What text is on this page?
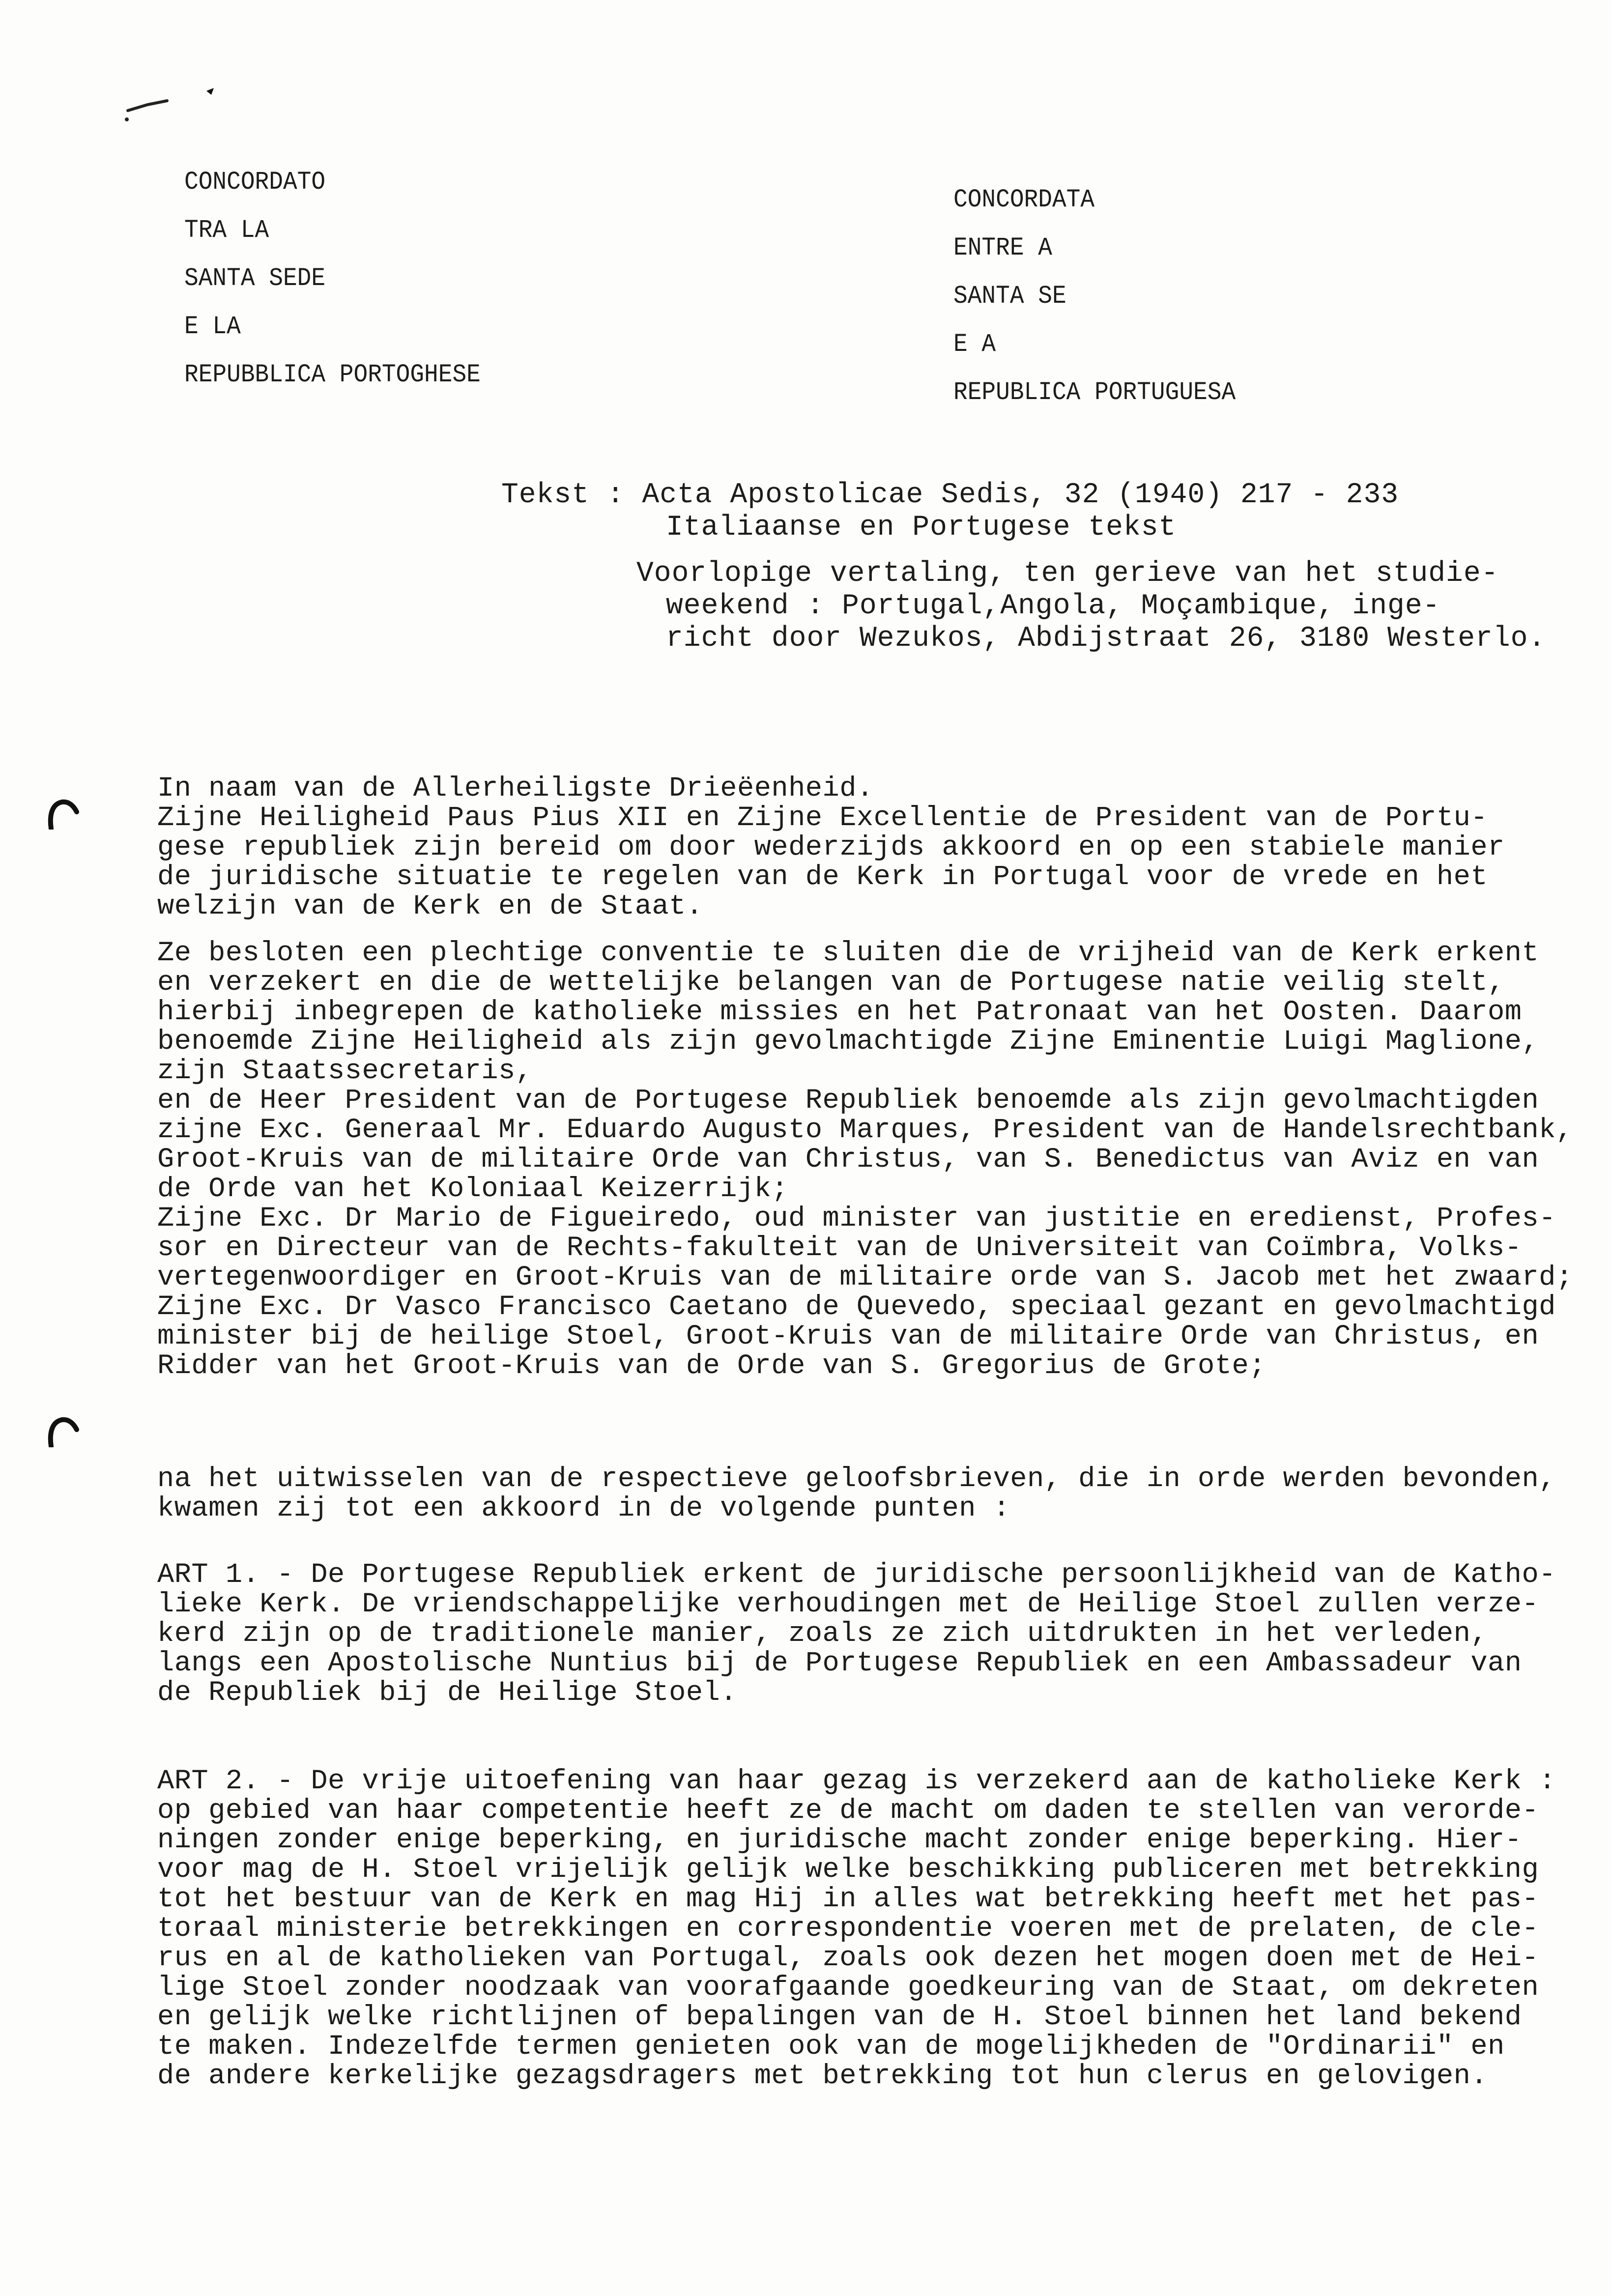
CONCORDATO
TRA LA
SANTA SEDE
E LA
REPUBBLICA PORTOGHESE
CONCORDATA
ENTRE A
SANTA SE
E A
REPUBLICA PORTUGUESA
Tekst : Acta Apostolicae Sedis, 32 (1940) 217 - 233
Italiaanse en Portugese tekst
Voorlopige vertaling, ten gerieve van het studie-
weekend : Portugal,Angola, Moçambique, inge-
richt door Wezukos, Abdijstraat 26, 3180 Westerlo.
In naam van de Allerheiligste Drieëenheid.
Zijne Heiligheid Paus Pius XII en Zijne Excellentie de President van de Portu-
gese republiek zijn bereid om door wederzijds akkoord en op een stabiele manier
de juridische situatie te regelen van de Kerk in Portugal voor de vrede en het
welzijn van de Kerk en de Staat.
Ze besloten een plechtige conventie te sluiten die de vrijheid van de Kerk erkent
en verzekert en die de wettelijke belangen van de Portugese natie veilig stelt,
hierbij inbegrepen de katholieke missies en het Patronaat van het Oosten. Daarom
benoemde Zijne Heiligheid als zijn gevolmachtigde Zijne Eminentie Luigi Maglione,
zijn Staatssecretaris,
en de Heer President van de Portugese Republiek benoemde als zijn gevolmachtigden
zijne Exc. Generaal Mr. Eduardo Augusto Marques, President van de Handelsrechtbank,
Groot-Kruis van de militaire Orde van Christus, van S. Benedictus van Aviz en van
de Orde van het Koloniaal Keizerrijk;
Zijne Exc. Dr Mario de Figueiredo, oud minister van justitie en eredienst, Profes-
sor en Directeur van de Rechts-fakulteit van de Universiteit van Coïmbra, Volks-
vertegenwoordiger en Groot-Kruis van de militaire orde van S. Jacob met het zwaard;
Zijne Exc. Dr Vasco Francisco Caetano de Quevedo, speciaal gezant en gevolmachtigd
minister bij de heilige Stoel, Groot-Kruis van de militaire Orde van Christus, en
Ridder van het Groot-Kruis van de Orde van S. Gregorius de Grote;
na het uitwisselen van de respectieve geloofsbrieven, die in orde werden bevonden,
kwamen zij tot een akkoord in de volgende punten :
ART 1. - De Portugese Republiek erkent de juridische persoonlijkheid van de Katho-
lieke Kerk. De vriendschappelijke verhoudingen met de Heilige Stoel zullen verze-
kerd zijn op de traditionele manier, zoals ze zich uitdrukten in het verleden,
langs een Apostolische Nuntius bij de Portugese Republiek en een Ambassadeur van
de Republiek bij de Heilige Stoel.
ART 2. - De vrije uitoefening van haar gezag is verzekerd aan de katholieke Kerk :
op gebied van haar competentie heeft ze de macht om daden te stellen van verorde-
ningen zonder enige beperking, en juridische macht zonder enige beperking. Hier-
voor mag de H. Stoel vrijelijk gelijk welke beschikking publiceren met betrekking
tot het bestuur van de Kerk en mag Hij in alles wat betrekking heeft met het pas-
toraal ministerie betrekkingen en correspondentie voeren met de prelaten, de cle-
rus en al de katholieken van Portugal, zoals ook dezen het mogen doen met de Hei-
lige Stoel zonder noodzaak van voorafgaande goedkeuring van de Staat, om dekreten
en gelijk welke richtlijnen of bepalingen van de H. Stoel binnen het land bekend
te maken. Indezelfde termen genieten ook van de mogelijkheden de "Ordinarii" en
de andere kerkelijke gezagsdragers met betrekking tot hun clerus en gelovigen.
